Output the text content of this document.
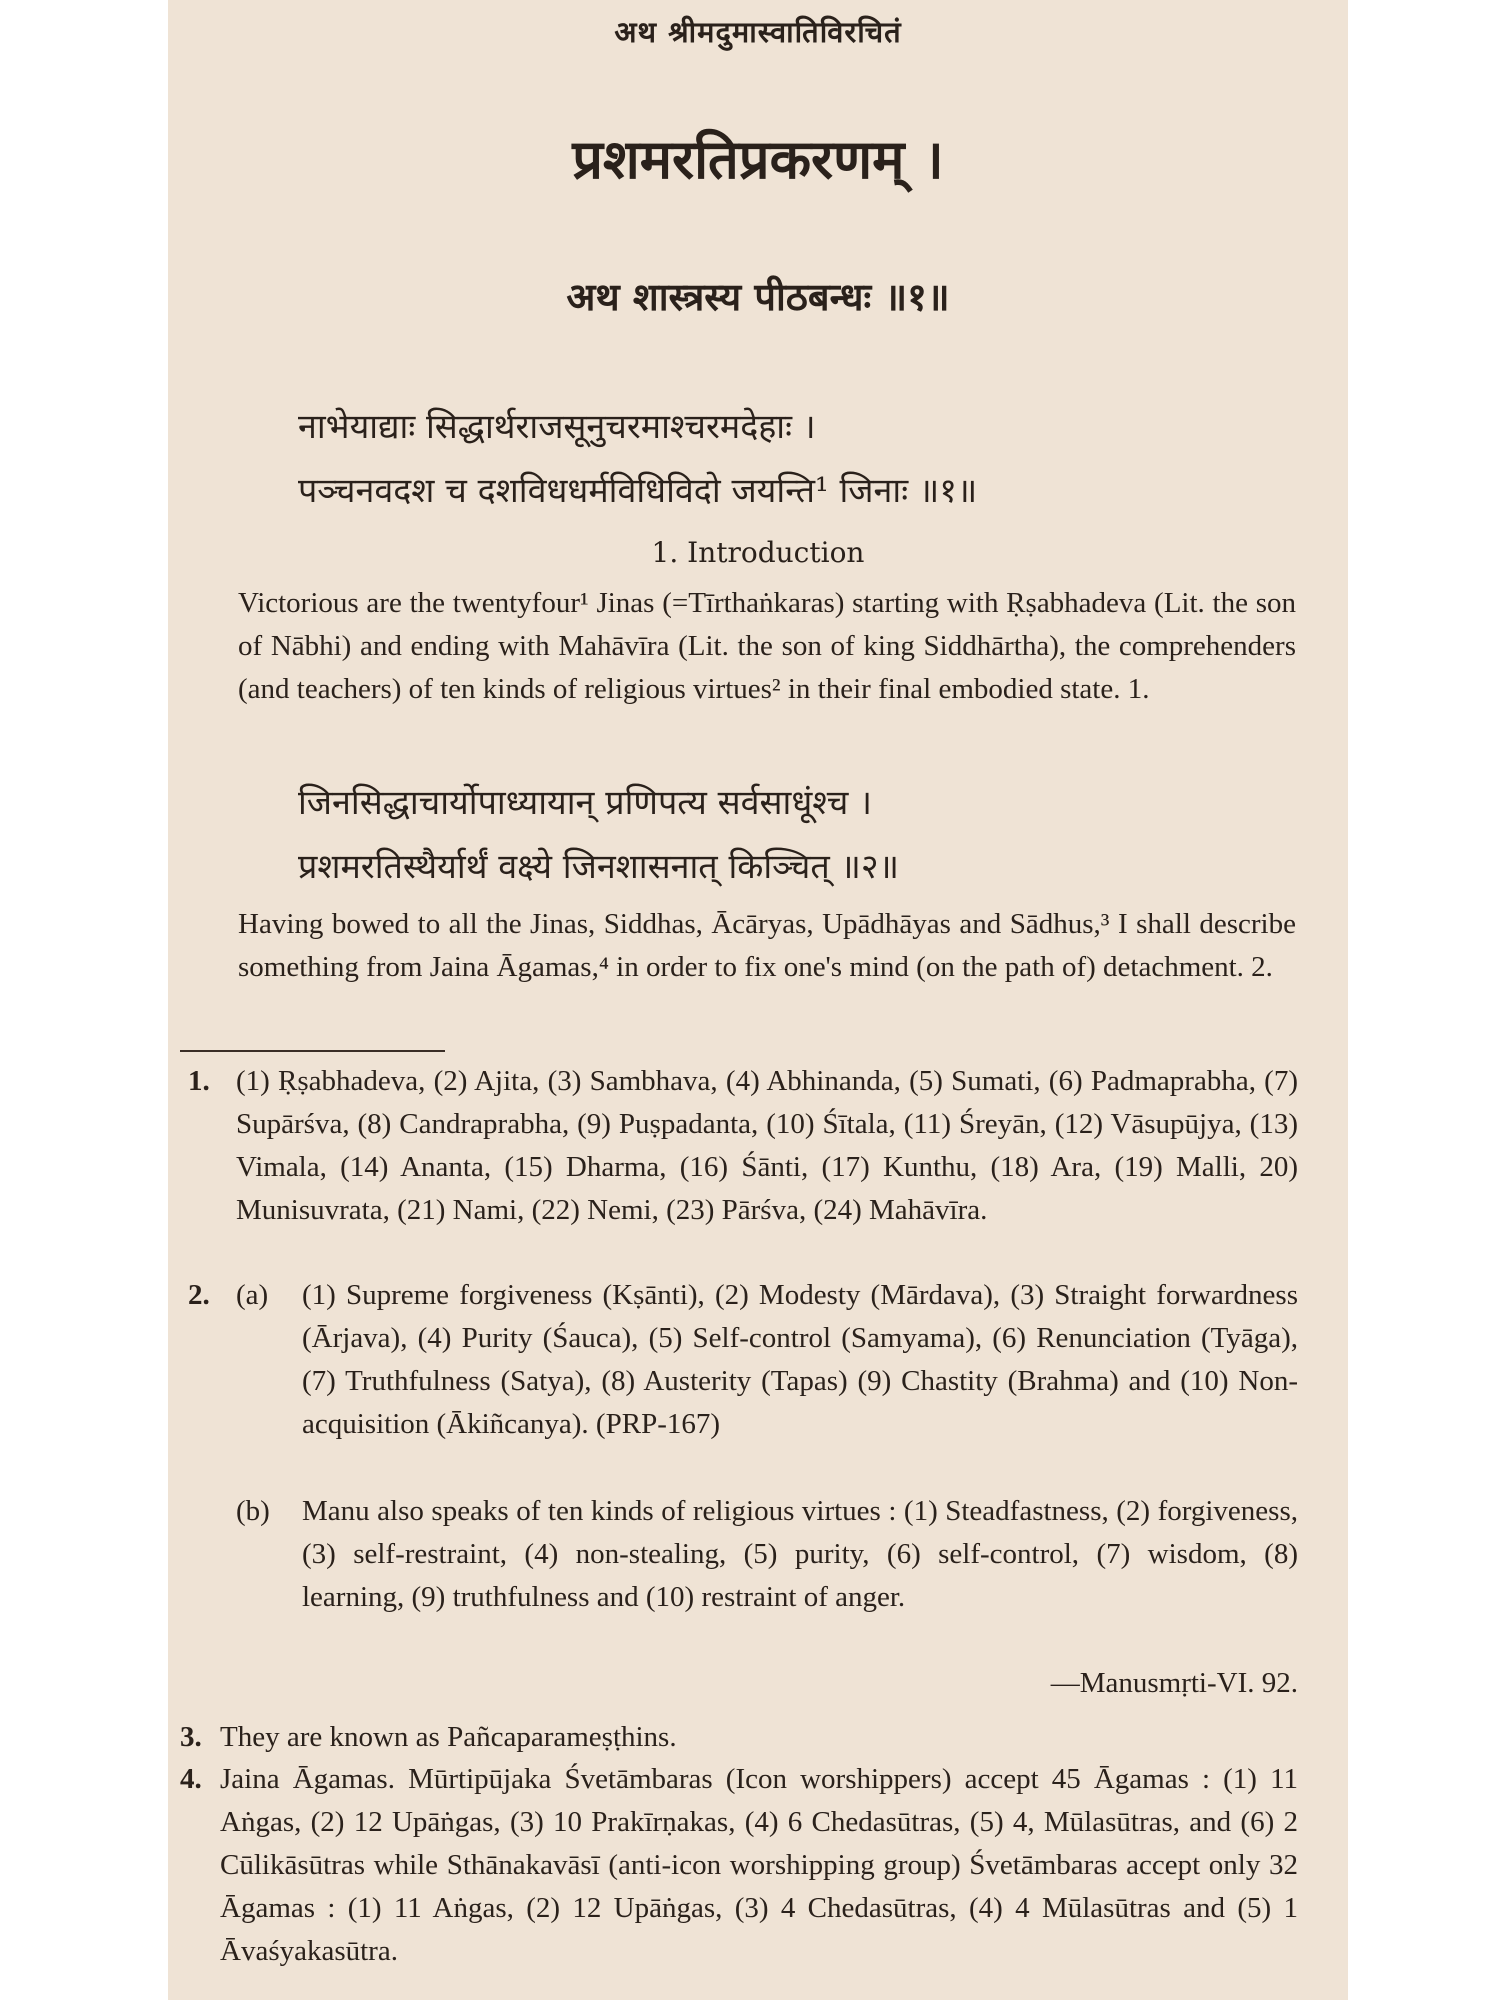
अथ श्रीमदुमास्वातिविरचितं
प्रशमरतिप्रकरणम् ।
अथ शास्त्रस्य पीठबन्धः ॥१॥
नाभेयाद्याः सिद्धार्थराजसूनुचरमाश्चरमदेहाः ।
पञ्चनवदश च दशविधधर्मविधिविदो जयन्ति¹ जिनाः ॥१॥
1. Introduction
Victorious are the twentyfour¹ Jinas (=Tīrthaṅkaras) starting with Ṛṣabhadeva (Lit. the son of Nābhi) and ending with Mahāvīra (Lit. the son of king Siddhārtha), the comprehenders (and teachers) of ten kinds of religious virtues² in their final embodied state. 1.
जिनसिद्धाचार्योपाध्यायान् प्रणिपत्य सर्वसाधूंश्च ।
प्रशमरतिस्थैर्यार्थं वक्ष्ये जिनशासनात् किञ्चित् ॥२॥
Having bowed to all the Jinas, Siddhas, Ācāryas, Upādhāyas and Sādhus,³ I shall describe something from Jaina Āgamas,⁴ in order to fix one's mind (on the path of) detachment. 2.
1. (1) Ṛṣabhadeva, (2) Ajita, (3) Sambhava, (4) Abhinanda, (5) Sumati, (6) Padmaprabha, (7) Supārśva, (8) Candraprabha, (9) Puṣpadanta, (10) Śītala, (11) Śreyān, (12) Vāsupūjya, (13) Vimala, (14) Ananta, (15) Dharma, (16) Śānti, (17) Kunthu, (18) Ara, (19) Malli, 20) Munisuvrata, (21) Nami, (22) Nemi, (23) Pārśva, (24) Mahāvīra.
2. (a) (1) Supreme forgiveness (Kṣānti), (2) Modesty (Mārdava), (3) Straight forwardness (Ārjava), (4) Purity (Śauca), (5) Self-control (Samyama), (6) Renunciation (Tyāga), (7) Truthfulness (Satya), (8) Austerity (Tapas) (9) Chastity (Brahma) and (10) Non-acquisition (Ākiñcanya). (PRP-167)
(b) Manu also speaks of ten kinds of religious virtues : (1) Steadfastness, (2) forgiveness, (3) self-restraint, (4) non-stealing, (5) purity, (6) self-control, (7) wisdom, (8) learning, (9) truthfulness and (10) restraint of anger.
—Manusmṛti-VI. 92.
3. They are known as Pañcaparameṣṭhins.
4. Jaina Āgamas. Mūrtipūjaka Śvetāmbaras (Icon worshippers) accept 45 Āgamas : (1) 11 Aṅgas, (2) 12 Upāṅgas, (3) 10 Prakīrṇakas, (4) 6 Chedasūtras, (5) 4, Mūlasūtras, and (6) 2 Cūlikāsūtras while Sthānakavāsī (anti-icon worshipping group) Śvetāmbaras accept only 32 Āgamas : (1) 11 Aṅgas, (2) 12 Upāṅgas, (3) 4 Chedasūtras, (4) 4 Mūlasūtras and (5) 1 Āvaśyakasūtra.
